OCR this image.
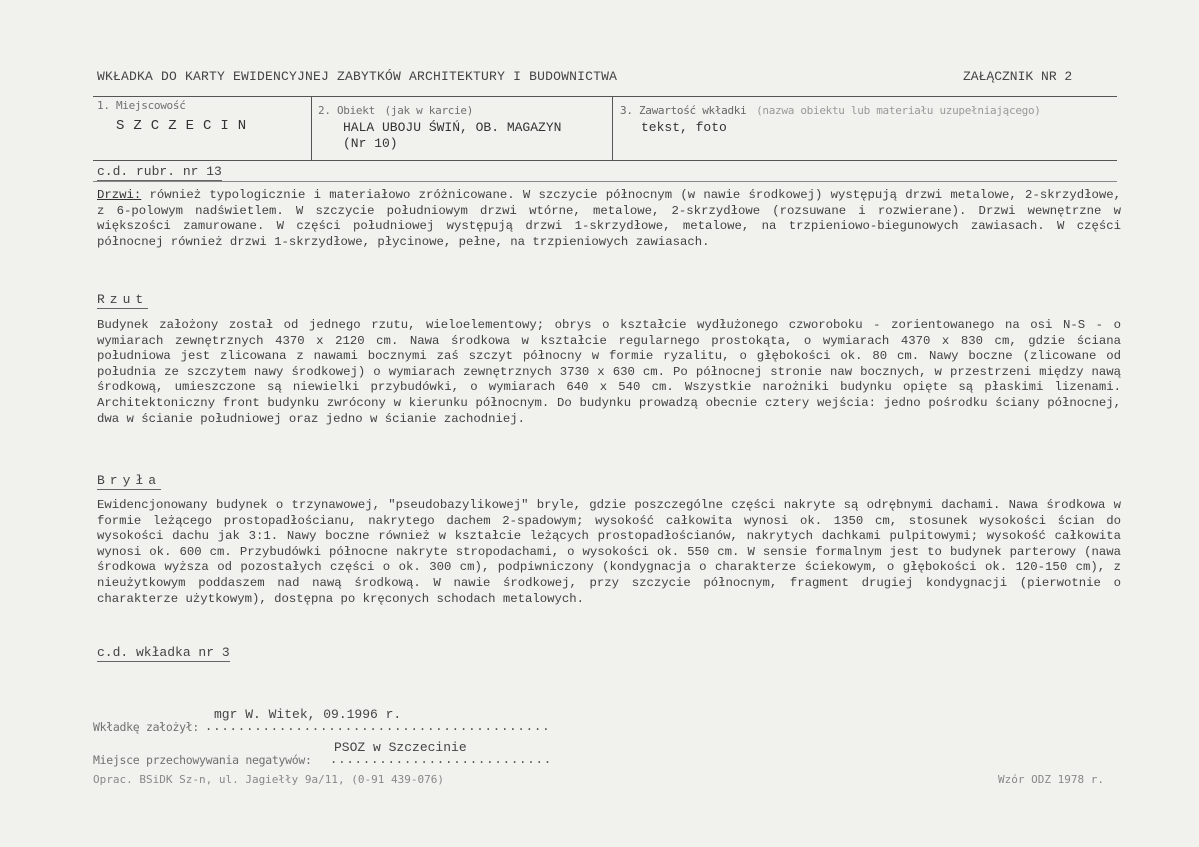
WKŁADKA DO KARTY EWIDENCYJNEJ ZABYTKÓW ARCHITEKTURY I BUDOWNICTWA	ZAŁĄCZNIK NR 2
1. Miejscowość
SZCZECIN
2. Obiekt (jak w karcie)
HALA UBOJU ŚWIŃ, OB. MAGAZYN
(Nr 10)
3. Zawartość wkładki (nazwa obiektu lub materiału uzupełniającego)
tekst, foto
c.d. rubr. nr 13
Drzwi: również typologicznie i materiałowo zróżnicowane. W szczycie północnym (w nawie środkowej) występują drzwi metalowe, 2-skrzydłowe, z 6-polowym nadświetlem. W szczycie południowym drzwi wtórne, metalowe, 2-skrzydłowe (rozsuwane i rozwierane). Drzwi wewnętrzne w większości zamurowane. W części południowej występują drzwi 1-skrzydłowe, metalowe, na trzpieniowo-biegunowych zawiasach. W części północnej również drzwi 1-skrzydłowe, płycinowe, pełne, na trzpieniowych zawiasach.
Rzut
Budynek założony został od jednego rzutu, wieloelementowy; obrys o kształcie wydłużonego czworoboku - zorientowanego na osi N-S - o wymiarach zewnętrznych 4370 x 2120 cm. Nawa środkowa w kształcie regularnego prostokąta, o wymiarach 4370 x 830 cm, gdzie ściana południowa jest zlicowana z nawami bocznymi zaś szczyt północny w formie ryzalitu, o głębokości ok. 80 cm. Nawy boczne (zlicowane od południa ze szczytem nawy środkowej) o wymiarach zewnętrznych 3730 x 630 cm. Po północnej stronie naw bocznych, w przestrzeni między nawą środkową, umieszczone są niewielki przybudówki, o wymiarach 640 x 540 cm. Wszystkie narożniki budynku opięte są płaskimi lizenami. Architektoniczny front budynku zwrócony w kierunku północnym. Do budynku prowadzą obecnie cztery wejścia: jedno pośrodku ściany północnej, dwa w ścianie południowej oraz jedno w ścianie zachodniej.
Bryła
Ewidencjonowany budynek o trzynawowej, "pseudobazylikowej" bryle, gdzie poszczególne części nakryte są odrębnymi dachami. Nawa środkowa w formie leżącego prostopadłościanu, nakrytego dachem 2-spadowym; wysokość całkowita wynosi ok. 1350 cm, stosunek wysokości ścian do wysokości dachu jak 3:1. Nawy boczne również w kształcie leżących prostopadłościanów, nakrytych dachkami pulpitowymi; wysokość całkowita wynosi ok. 600 cm. Przybudówki północne nakryte stropodachami, o wysokości ok. 550 cm. W sensie formalnym jest to budynek parterowy (nawa środkowa wyższa od pozostałych części o ok. 300 cm), podpiwniczony (kondygnacja o charakterze ściekowym, o głębokości ok. 120-150 cm), z nieużytkowym poddaszem nad nawą środkową. W nawie środkowej, przy szczycie północnym, fragment drugiej kondygnacji (pierwotnie o charakterze użytkowym), dostępna po kręconych schodach metalowych.
c.d. wkładka nr 3
mgr W. Witek, 09.1996 r.
Wkładkę założył: ..........................................
PSOZ w Szczecinie
Miejsce przechowywania negatywów: ...........................
Oprac. BSiDK Sz-n, ul. Jagiełły 9a/11, (0-91 439-076)	Wzór ODZ 1978 r.
